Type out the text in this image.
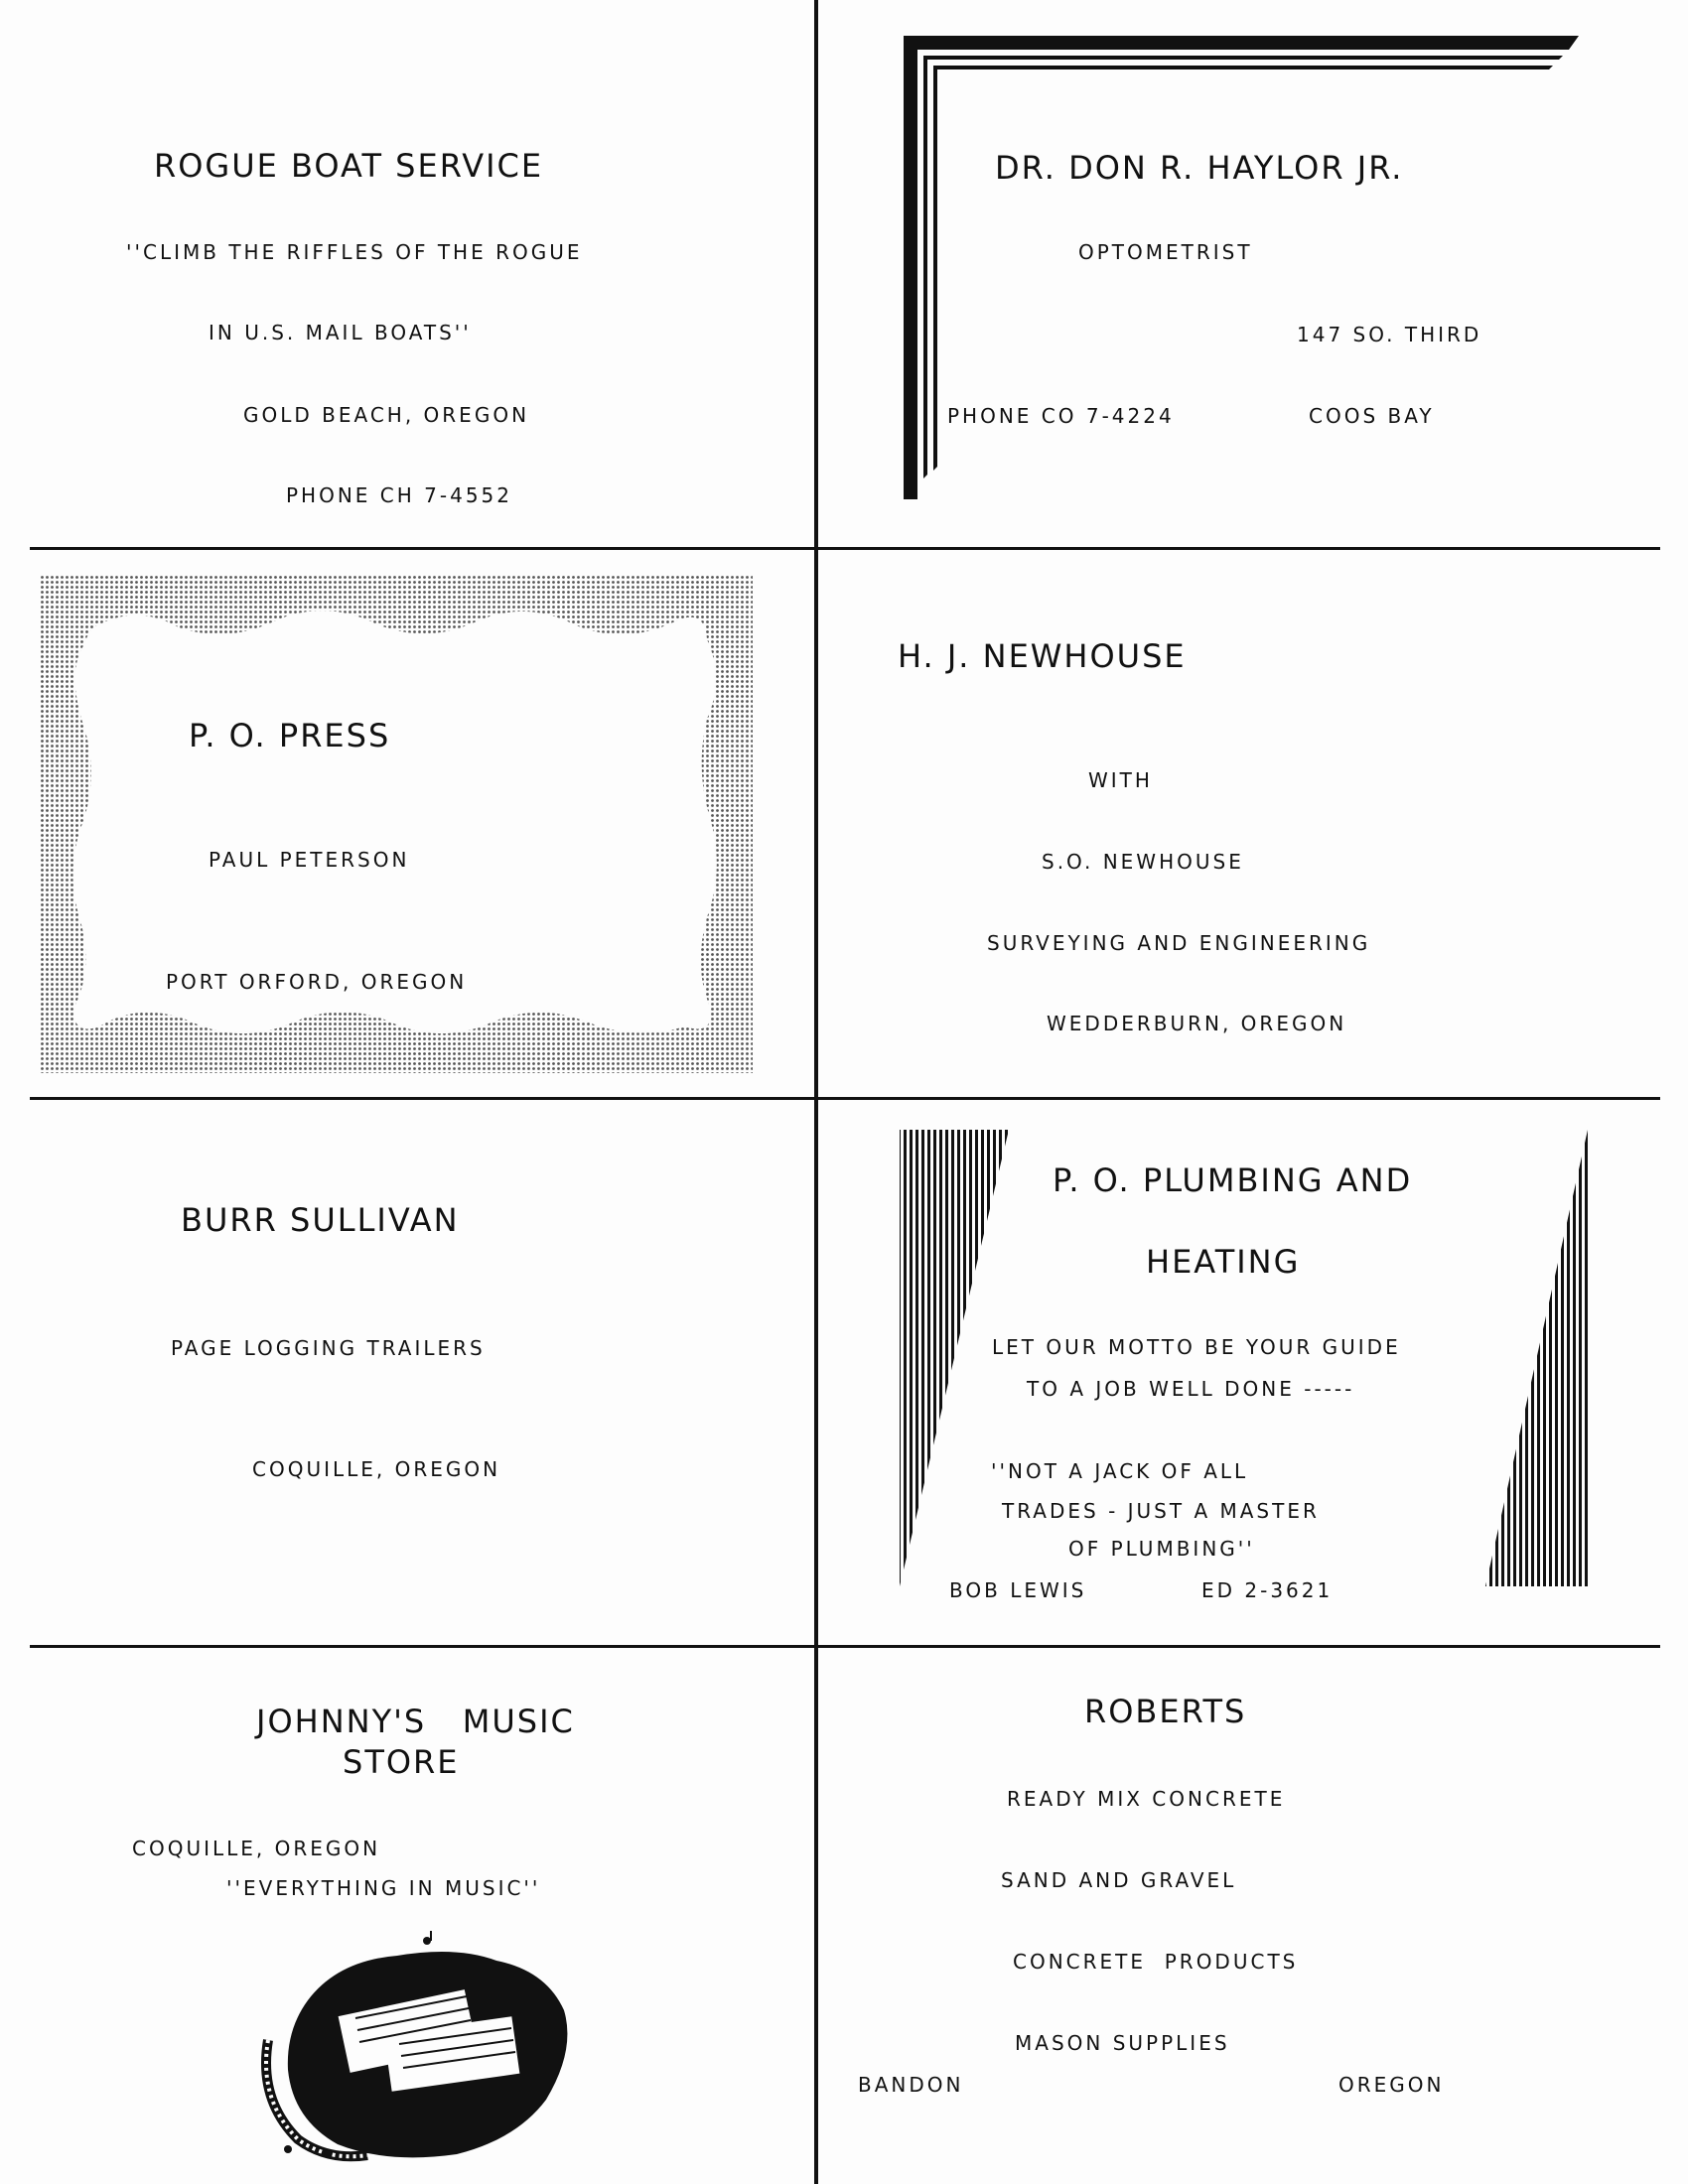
ROGUE BOAT SERVICE
''CLIMB THE RIFFLES OF THE ROGUE
IN U.S. MAIL BOATS''
GOLD BEACH, OREGON
PHONE CH 7-4552
DR. DON R. HAYLOR JR.
OPTOMETRIST
147 SO. THIRD
PHONE CO 7-4224	COOS BAY
P. O. PRESS
PAUL PETERSON
PORT ORFORD, OREGON
H. J. NEWHOUSE
WITH
S.O. NEWHOUSE
SURVEYING AND ENGINEERING
WEDDERBURN, OREGON
BURR SULLIVAN
PAGE LOGGING TRAILERS
COQUILLE, OREGON
P. O. PLUMBING AND
HEATING
LET OUR MOTTO BE YOUR GUIDE
TO A JOB WELL DONE -----
''NOT A JACK OF ALL
TRADES - JUST A MASTER
OF PLUMBING''
BOB LEWIS	ED 2-3621
JOHNNY'S   MUSIC
STORE
COQUILLE, OREGON
''EVERYTHING IN MUSIC''
ROBERTS
READY MIX CONCRETE
SAND AND GRAVEL
CONCRETE  PRODUCTS
MASON SUPPLIES
BANDON	OREGON
